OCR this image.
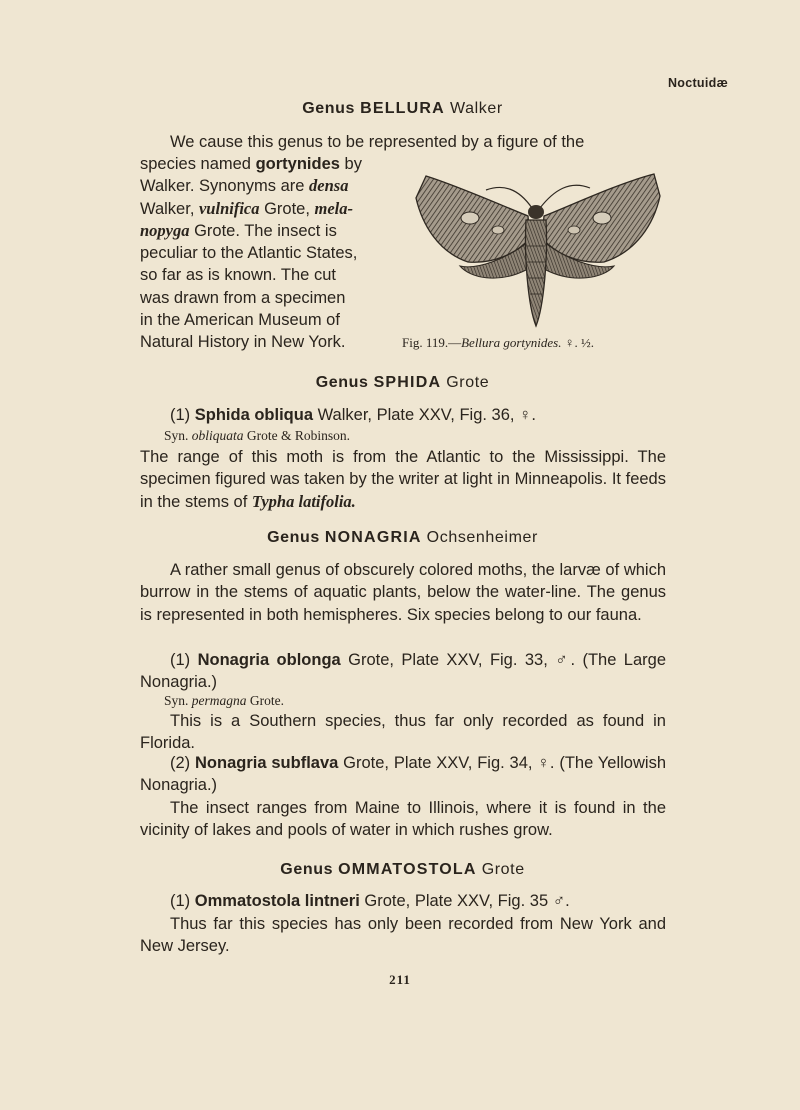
Noctuidæ
Genus BELLURA Walker
We cause this genus to be represented by a figure of the
species named gortynides by
Walker. Synonyms are densa
Walker, vulnifica Grote, mela-
nopyga Grote. The insect is
peculiar to the Atlantic States,
so far as is known. The cut
was drawn from a specimen
in the American Museum of
Natural History in New York.	Fig. 119.—Bellura gortynides. ♀. ½.
Genus SPHIDA Grote
(1) Sphida obliqua Walker, Plate XXV, Fig. 36, ♀.
Syn. obliquata Grote & Robinson.
The range of this moth is from the Atlantic to the Mississippi. The specimen figured was taken by the writer at light in Minneapolis. It feeds in the stems of Typha latifolia.
Genus NONAGRIA Ochsenheimer
A rather small genus of obscurely colored moths, the larvæ of which burrow in the stems of aquatic plants, below the water-line. The genus is represented in both hemispheres. Six species belong to our fauna.
(1) Nonagria oblonga Grote, Plate XXV, Fig. 33, ♂. (The Large Nonagria.)
Syn. permagna Grote.
This is a Southern species, thus far only recorded as found in Florida.
(2) Nonagria subflava Grote, Plate XXV, Fig. 34, ♀. (The Yellowish Nonagria.)
The insect ranges from Maine to Illinois, where it is found in the vicinity of lakes and pools of water in which rushes grow.
Genus OMMATOSTOLA Grote
(1) Ommatostola lintneri Grote, Plate XXV, Fig. 35 ♂.
Thus far this species has only been recorded from New York and New Jersey.
211
